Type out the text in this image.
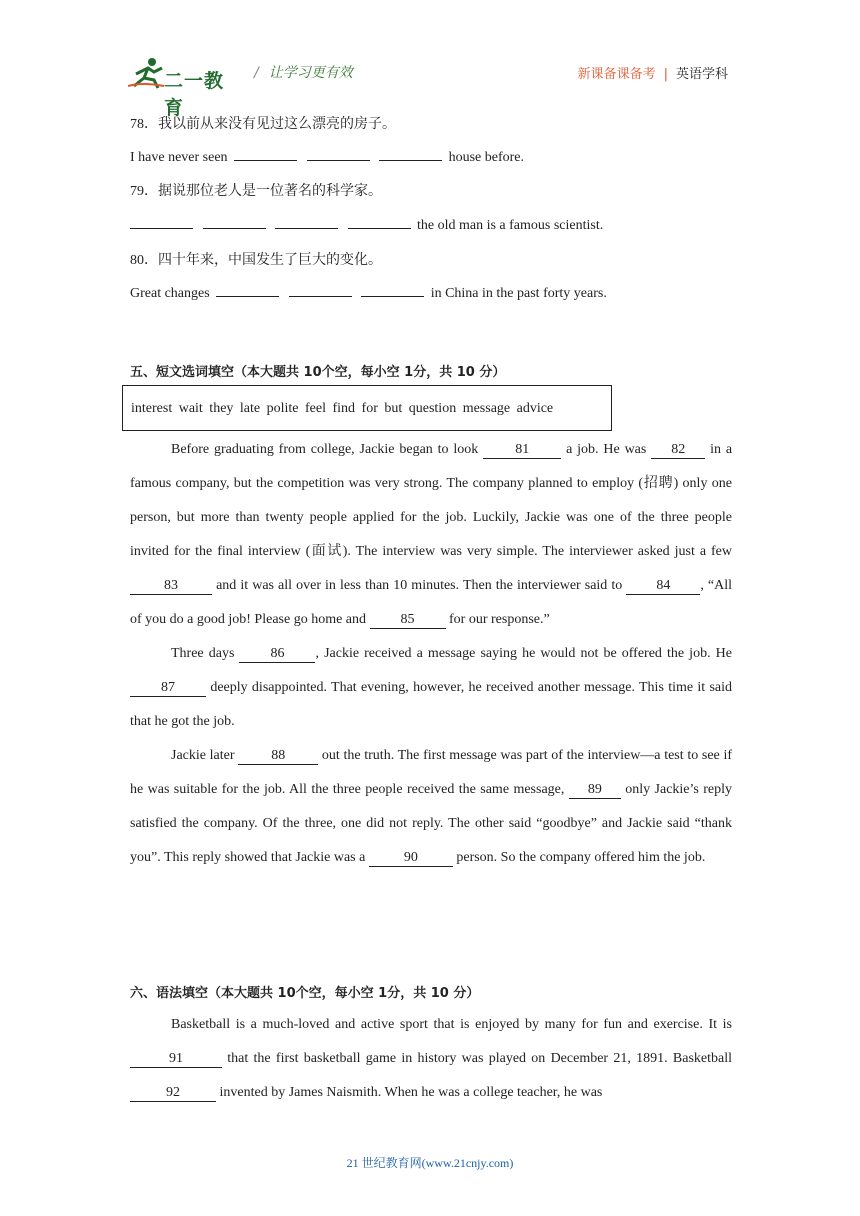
二一教育
/ 让学习更有效	新课备课备考 | 英语学科
78．我以前从来没有见过这么漂亮的房子。
I have never seen	house before.
79．据说那位老人是一位著名的科学家。
the old man is a famous scientist.
80．四十年来，中国发生了巨大的变化。
Great changes	in China in the past forty years.
五、短文选词填空（本大题共 10个空，每小空 1分，共 10 分）
interest wait they late polite feel find for but question message advice

Before graduating from college, Jackie began to look	81	a job. He was 82 in a famous company, but the competition was very strong. The company planned to employ (招聘) only one person, but more than twenty people applied for the job. Luckily, Jackie was one of the three people invited for the final interview (面试). The interview was very simple. The interviewer asked just a few 83	and it was all over in less than 10 minutes. Then the interviewer said to 84 , “All of you do a good job! Please go home and 85 for our response.”

Three days	86 , Jackie received a message saying he would not be offered the job. He 87	deeply disappointed. That evening, however, he received another message. This time it said that he got the job.

Jackie later	88	out the truth. The first message was part of the interview—a test to see if he was suitable for the job. All the three people received the same message, 89 only Jackie’s reply satisfied the company. Of the three, one did not reply. The other said “goodbye” and Jackie said “thank you”. This reply showed that Jackie was a	90	person. So the company offered him the job.

六、语法填空（本大题共 10个空，每小空 1分，共 10 分）

Basketball is a much-loved and active sport that is enjoyed by many for fun and exercise. It is 91	that the first basketball game in history was played on December 21, 1891. Basketball 92	invented by James Naismith. When he was a college teacher, he was

21 世纪教育网(www.21cnjy.com)
